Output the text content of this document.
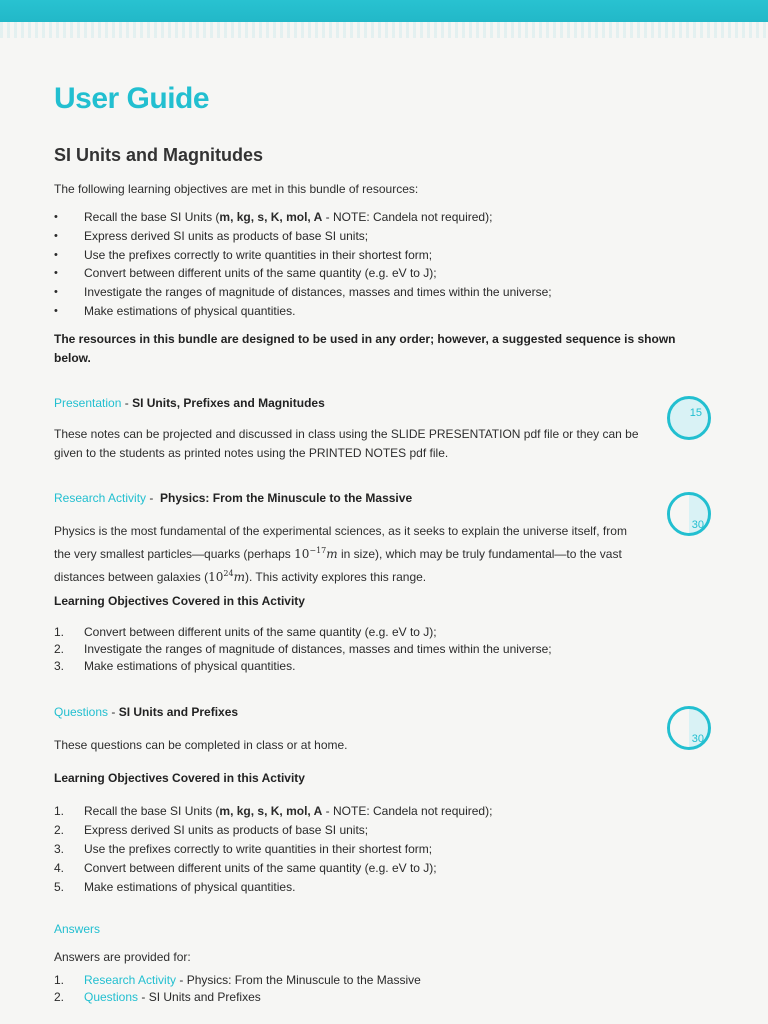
User Guide
SI Units and Magnitudes
The following learning objectives are met in this bundle of resources:
• Recall the base SI Units (m, kg, s, K, mol, A - NOTE: Candela not required);
• Express derived SI units as products of base SI units;
• Use the prefixes correctly to write quantities in their shortest form;
• Convert between different units of the same quantity (e.g. eV to J);
• Investigate the ranges of magnitude of distances, masses and times within the universe;
• Make estimations of physical quantities.
The resources in this bundle are designed to be used in any order; however, a suggested sequence is shown below.
Presentation - SI Units, Prefixes and Magnitudes
These notes can be projected and discussed in class using the SLIDE PRESENTATION pdf file or they can be given to the students as printed notes using the PRINTED NOTES pdf file.
Research Activity -  Physics: From the Minuscule to the Massive
Physics is the most fundamental of the experimental sciences, as it seeks to explain the universe itself, from the very smallest particles—quarks (perhaps $10^{-17}m$ in size), which may be truly fundamental—to the vast distances between galaxies $(10^{24}m)$. This activity explores this range.
Learning Objectives Covered in this Activity
1. Convert between different units of the same quantity (e.g. eV to J);
2. Investigate the ranges of magnitude of distances, masses and times within the universe;
3. Make estimations of physical quantities.
Questions - SI Units and Prefixes
These questions can be completed in class or at home.
Learning Objectives Covered in this Activity
1. Recall the base SI Units (m, kg, s, K, mol, A - NOTE: Candela not required);
2. Express derived SI units as products of base SI units;
3. Use the prefixes correctly to write quantities in their shortest form;
4. Convert between different units of the same quantity (e.g. eV to J);
5. Make estimations of physical quantities.
Answers
Answers are provided for:
1. Research Activity - Physics: From the Minuscule to the Massive
2. Questions - SI Units and Prefixes
15
30
30
